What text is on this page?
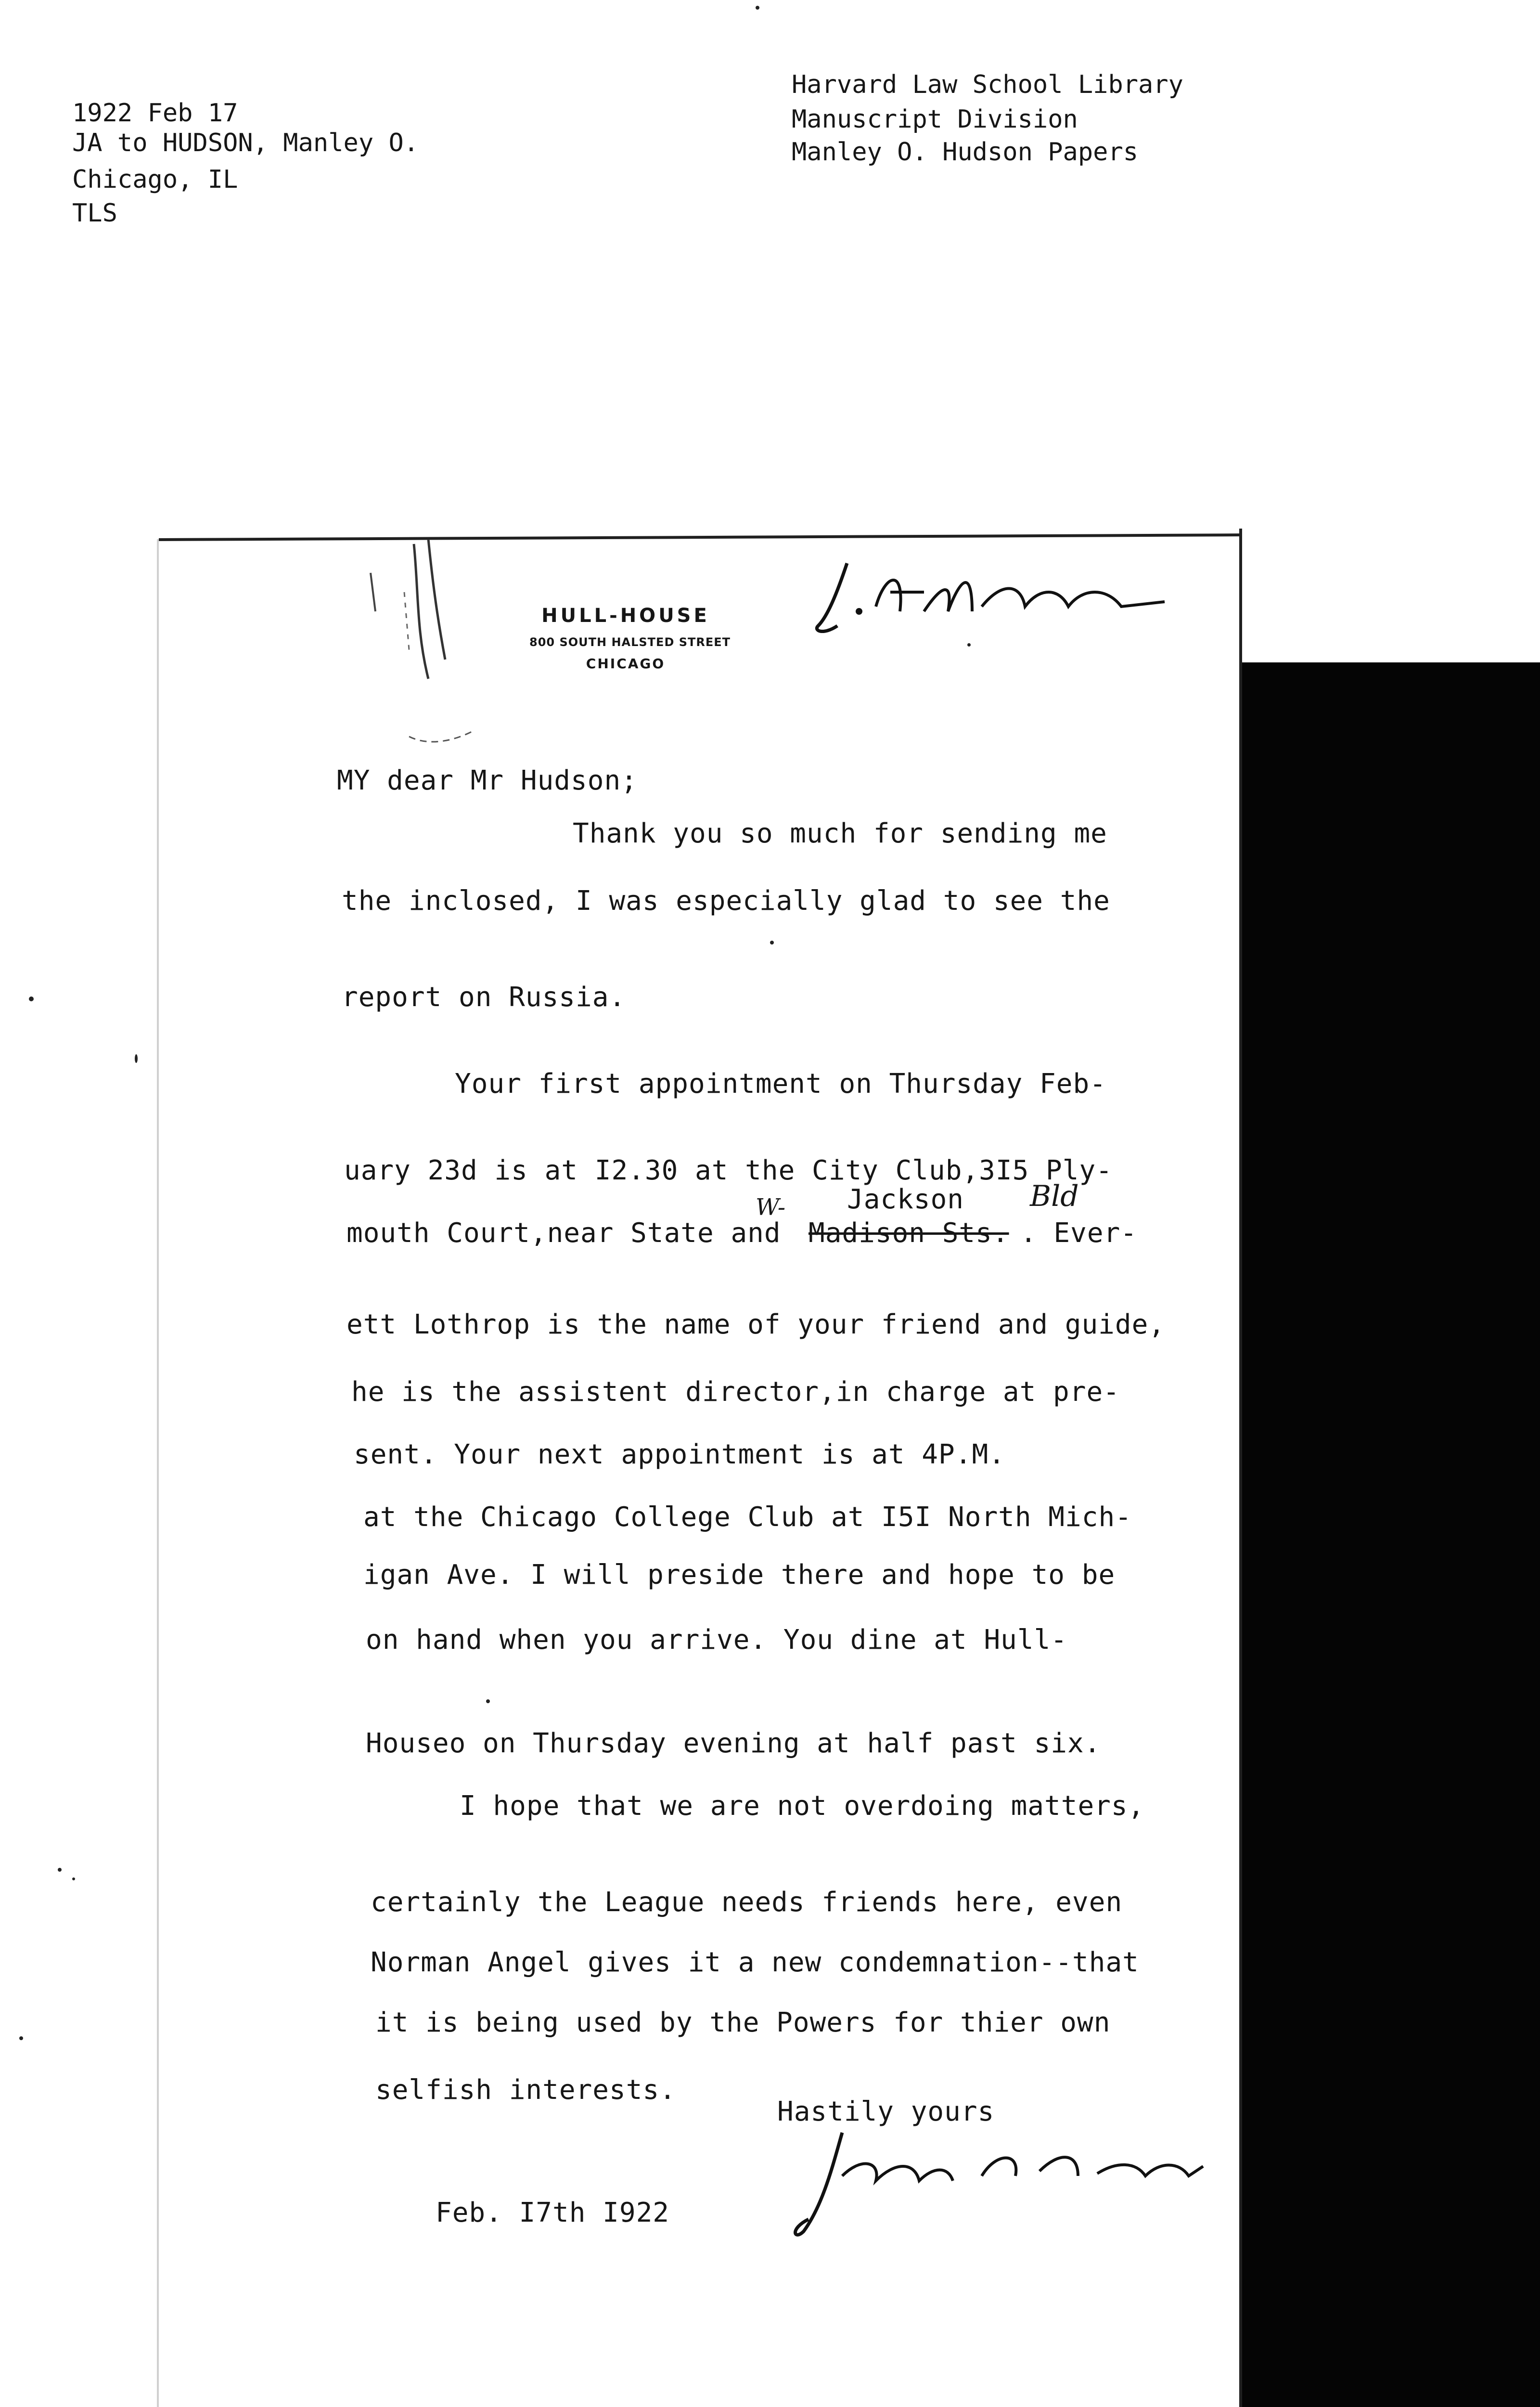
1922 Feb 17
JA to HUDSON, Manley O.
Chicago, IL
TLS
Harvard Law School Library
Manuscript Division
Manley O. Hudson Papers
HULL-HOUSE
800 SOUTH HALSTED STREET
CHICAGO
MY dear Mr Hudson;
Thank you so much for sending me
the inclosed, I was especially glad to see the
report on Russia.
Your first appointment on Thursday Feb-
uary 23d is at I2.30 at the City Club,3I5 Ply-
Jackson
W-	Bld
mouth Court,near State and Madison Sts. . Ever-
ett Lothrop is the name of your friend and guide,
he is the assistent director,in charge at pre-
sent. Your next appointment is at 4P.M.
at the Chicago College Club at I5I North Mich-
igan Ave. I will preside there and hope to be
on hand when you arrive. You dine at Hull-
Houseo on Thursday evening at half past six.
I hope that we are not overdoing matters,
certainly the League needs friends here, even
Norman Angel gives it a new condemnation--that
it is being used by the Powers for thier own
selfish interests.
Hastily yours
Feb. I7th I922
